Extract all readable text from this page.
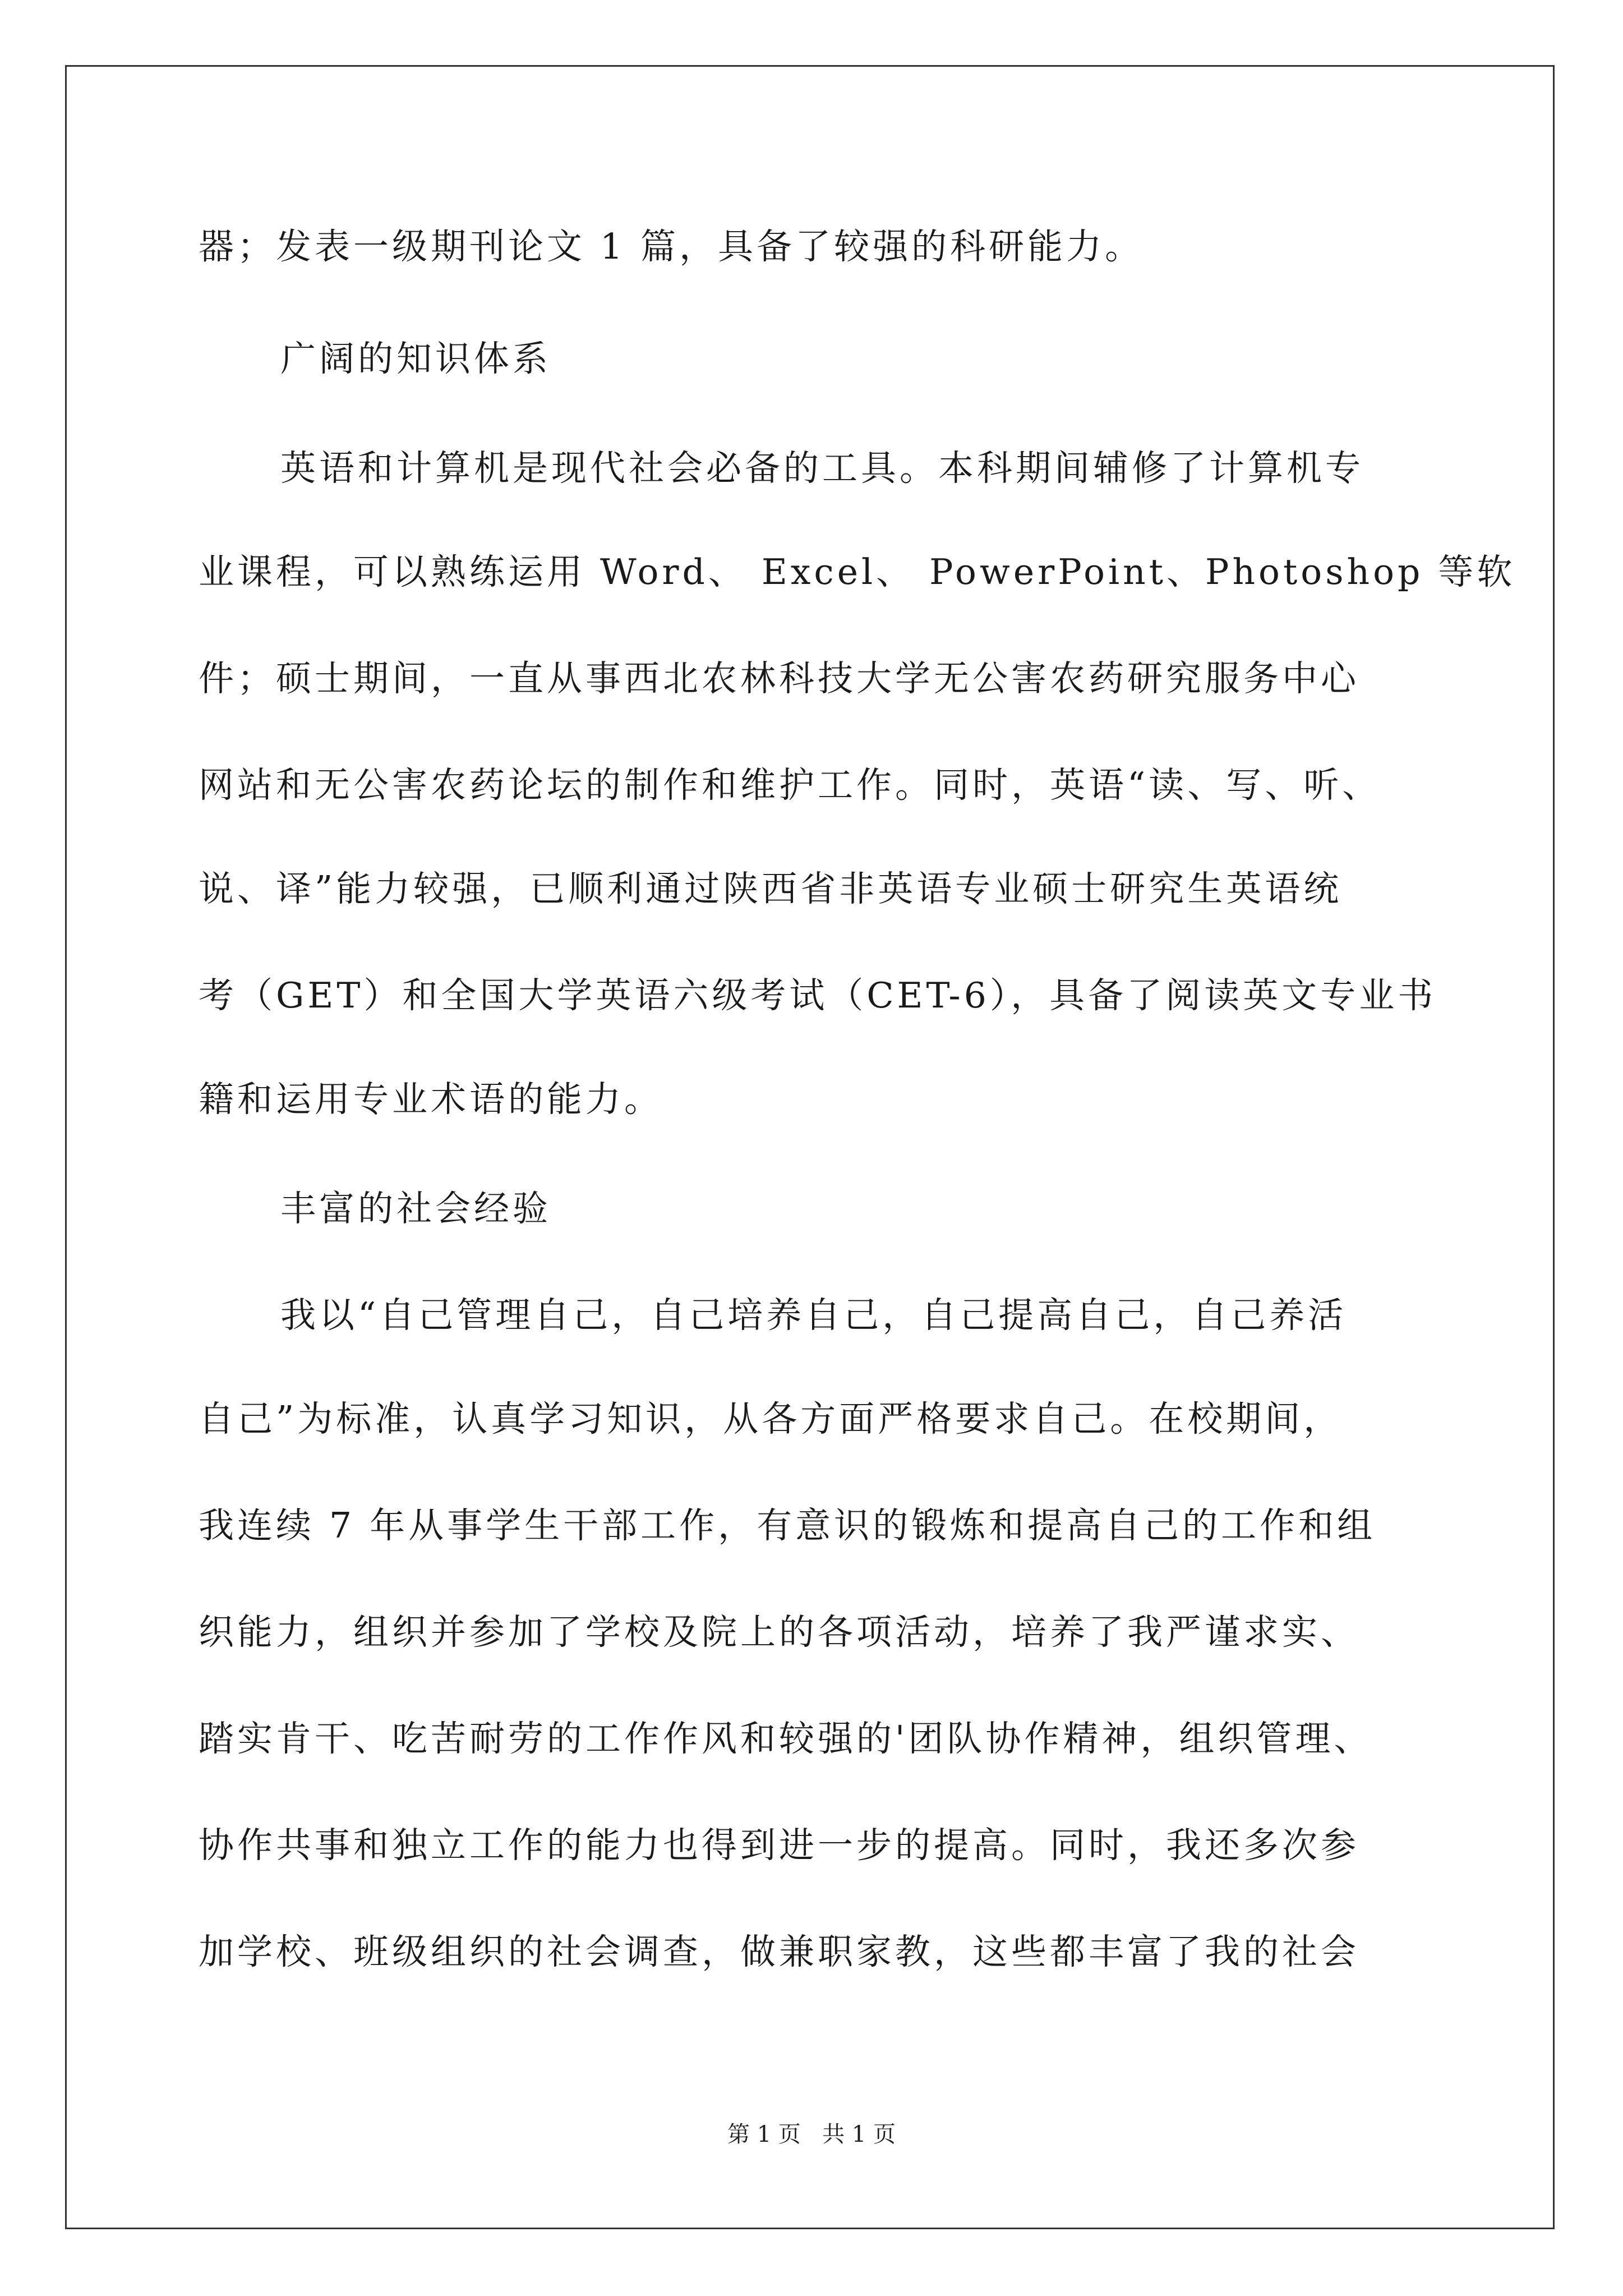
器；发表一级期刊论文 1 篇，具备了较强的科研能力。
广阔的知识体系
英语和计算机是现代社会必备的工具。本科期间辅修了计算机专
业课程，可以熟练运用 Word、 Excel、 PowerPoint、Photoshop 等软
件；硕士期间，一直从事西北农林科技大学无公害农药研究服务中心
网站和无公害农药论坛的制作和维护工作。同时，英语“读、写、听、
说、译”能力较强，已顺利通过陕西省非英语专业硕士研究生英语统
考（GET）和全国大学英语六级考试（CET-6），具备了阅读英文专业书
籍和运用专业术语的能力。
丰富的社会经验
我以“自己管理自己，自己培养自己，自己提高自己，自己养活
自己”为标准，认真学习知识，从各方面严格要求自己。在校期间，
我连续 7 年从事学生干部工作，有意识的锻炼和提高自己的工作和组
织能力，组织并参加了学校及院上的各项活动，培养了我严谨求实、
踏实肯干、吃苦耐劳的工作作风和较强的'团队协作精神，组织管理、
协作共事和独立工作的能力也得到进一步的提高。同时，我还多次参
加学校、班级组织的社会调查，做兼职家教，这些都丰富了我的社会
第 1 页   共 1 页
